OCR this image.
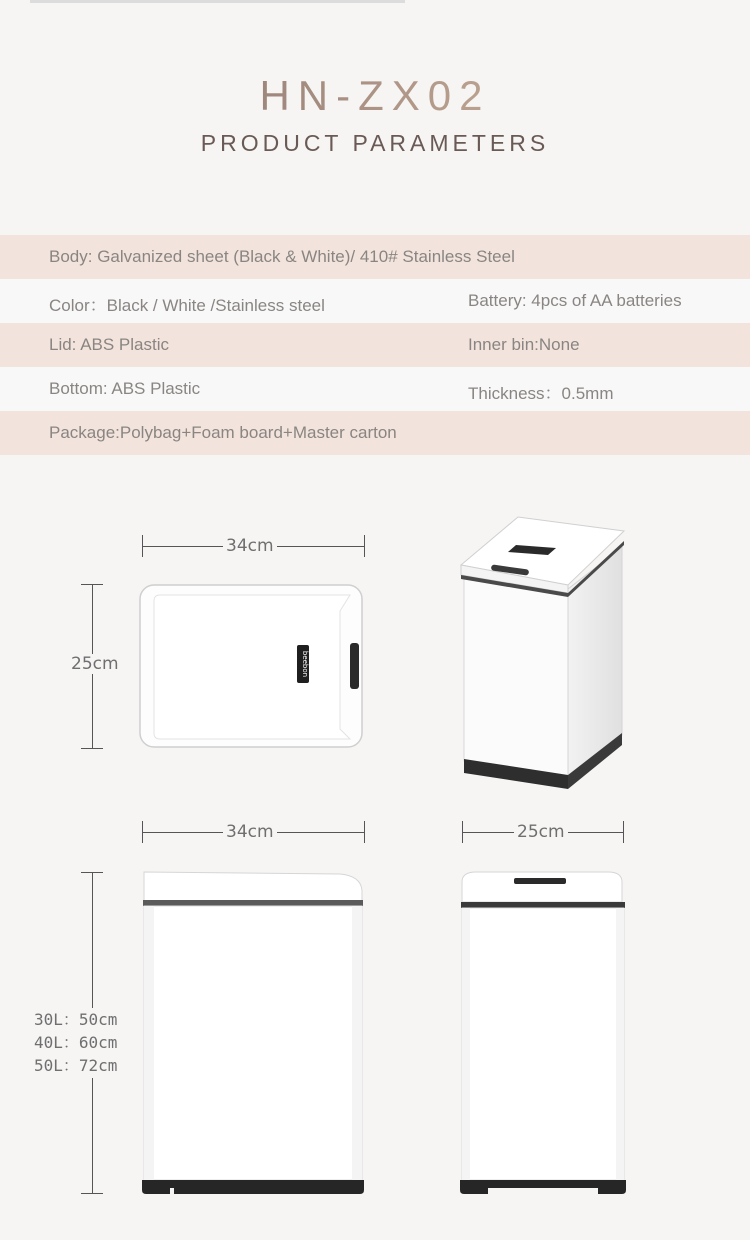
HN-ZX02
PRODUCT PARAMETERS
Body: Galvanized sheet (Black & White)/ 410# Stainless Steel
Color：Black / White /Stainless steel	Battery: 4pcs of AA batteries
Lid: ABS Plastic	Inner bin:None
Bottom: ABS Plastic	Thickness：0.5mm
Package:Polybag+Foam board+Master carton
34cm
25cm	beebon
34cm	25cm
30L：50cm
40L：60cm
50L：72cm
